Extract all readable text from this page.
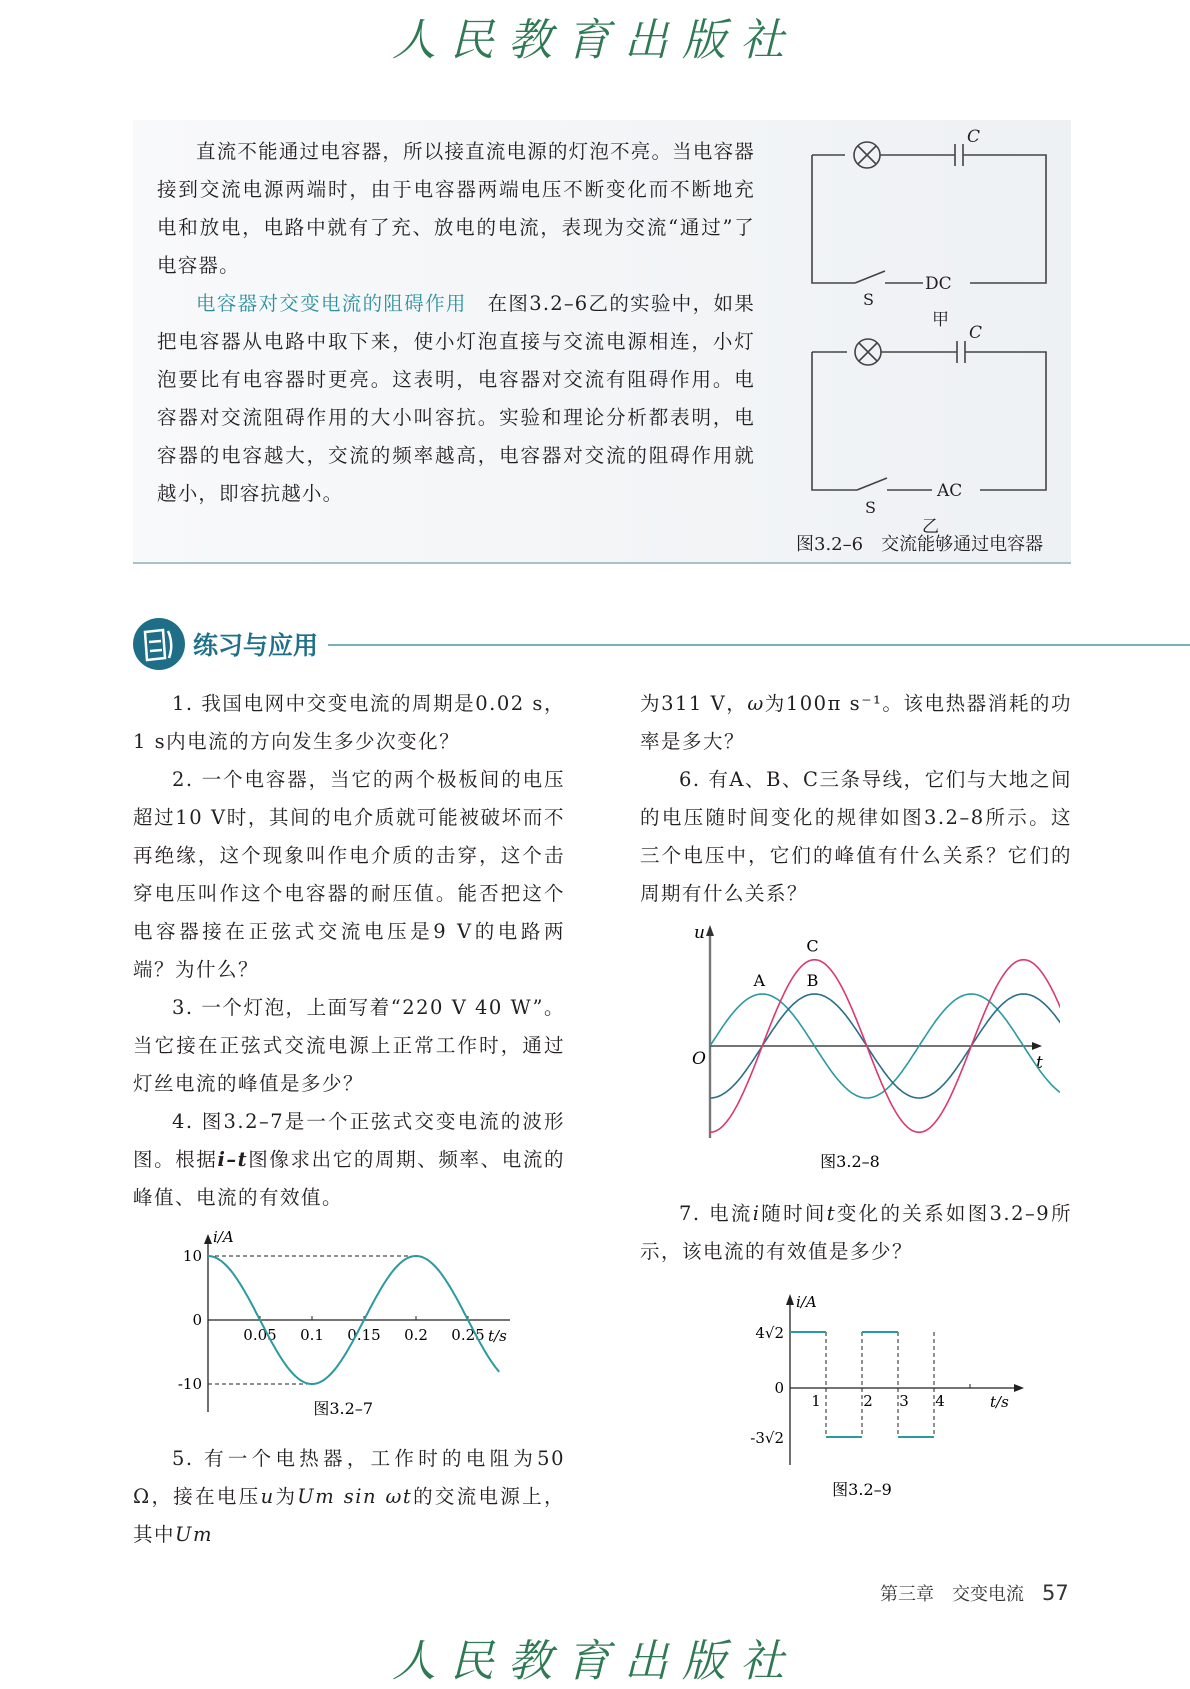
人民教育出版社

直流不能通过电容器，所以接直流电源的灯泡不亮。当电容器接到交流电源两端时，由于电容器两端电压不断变化而不断地充电和放电，电路中就有了充、放电的电流，表现为交流“通过”了电容器。

电容器对交变电流的阻碍作用　 在图3.2–6乙的实验中，如果把电容器从电路中取下来，使小灯泡直接与交流电源相连，小灯泡要比有电容器时更亮。这表明，电容器对交流有阻碍作用。电容器对交流阻碍作用的大小叫容抗。实验和理论分析都表明，电容器的电容越大，交流的频率越高，电容器对交流的阻碍作用就越小，即容抗越小。

C
DC
S
甲
C
AC
S
乙
图3.2–6　交流能够通过电容器
练习与应用

1. 我国电网中交变电流的周期是0.02 s，1 s内电流的方向发生多少次变化？

2. 一个电容器，当它的两个极板间的电压超过10 V时，其间的电介质就可能被破坏而不再绝缘，这个现象叫作电介质的击穿，这个击穿电压叫作这个电容器的耐压值。能否把这个电容器接在正弦式交流电压是9 V的电路两端？为什么？

3. 一个灯泡，上面写着“220 V 40 W”。当它接在正弦式交流电源上正常工作时，通过灯丝电流的峰值是多少？

4. 图3.2–7是一个正弦式交变电流的波形图。根据i–t图像求出它的周期、频率、电流的峰值、电流的有效值。

i/A
t/s
10
0
-10
0.05 0.1 0.15 0.2 0.25
图3.2–7

5. 有一个电热器，工作时的电阻为50 Ω，接在电压u为Um sin ωt的交流电源上，其中Um

为311 V，ω为100π s⁻¹。该电热器消耗的功率是多大？

6. 有A、B、C三条导线，它们与大地之间的电压随时间变化的规律如图3.2–8所示。这三个电压中，它们的峰值有什么关系？它们的周期有什么关系？

u
t
O
A	B
C
图3.2–8

7. 电流i随时间t变化的关系如图3.2–9所示，该电流的有效值是多少？

i/A
t/s
4√2
0
-3√2
1	2 3 4
图3.2–9
第三章　交变电流 57
人民教育出版社
